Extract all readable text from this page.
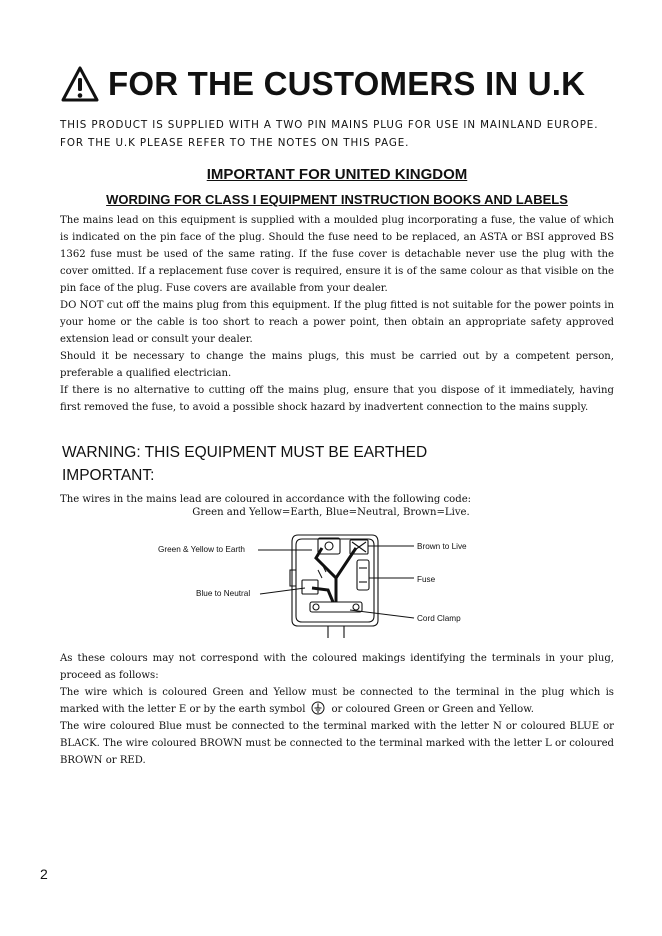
FOR THE CUSTOMERS IN U.K
THIS PRODUCT IS SUPPLIED WITH A TWO PIN MAINS PLUG FOR USE IN MAINLAND EUROPE.
FOR THE U.K PLEASE REFER TO THE NOTES ON THIS PAGE.
IMPORTANT FOR UNITED KINGDOM
WORDING FOR CLASS I EQUIPMENT INSTRUCTION BOOKS AND LABELS

The mains lead on this equipment is supplied with a moulded plug incorporating a fuse, the value of which is indicated on the pin face of the plug. Should the fuse need to be replaced, an ASTA or BSI approved BS 1362 fuse must be used of the same rating. If the fuse cover is detachable never use the plug with the cover omitted. If a replacement fuse cover is required, ensure it is of the same colour as that visible on the pin face of the plug. Fuse covers are available from your dealer.

DO NOT cut off the mains plug from this equipment. If the plug fitted is not suitable for the power points in your home or the cable is too short to reach a power point, then obtain an appropriate safety approved extension lead or consult your dealer.

Should it be necessary to change the mains plugs, this must be carried out by a competent person, preferable a qualified electrician.

If there is no alternative to cutting off the mains plug, ensure that you dispose of it immediately, having first removed the fuse, to avoid a possible shock hazard by inadvertent connection to the mains supply.

WARNING: THIS EQUIPMENT MUST BE EARTHED
IMPORTANT:
The wires in the mains lead are coloured in accordance with the following code:
Green and Yellow=Earth, Blue=Neutral, Brown=Live.
Green & Yellow to Earth
Blue to Neutral
Brown to Live
Fuse
Cord Clamp

As these colours may not correspond with the coloured makings identifying the terminals in your plug, proceed as follows:

The wire which is coloured Green and Yellow must be connected to the terminal in the plug which is marked with the letter E or by the earth symbol	or coloured Green or Green and Yellow.

The wire coloured Blue must be connected to the terminal marked with the letter N or coloured BLUE or BLACK. The wire coloured BROWN must be connected to the terminal marked with the letter L or coloured BROWN or RED.

2
